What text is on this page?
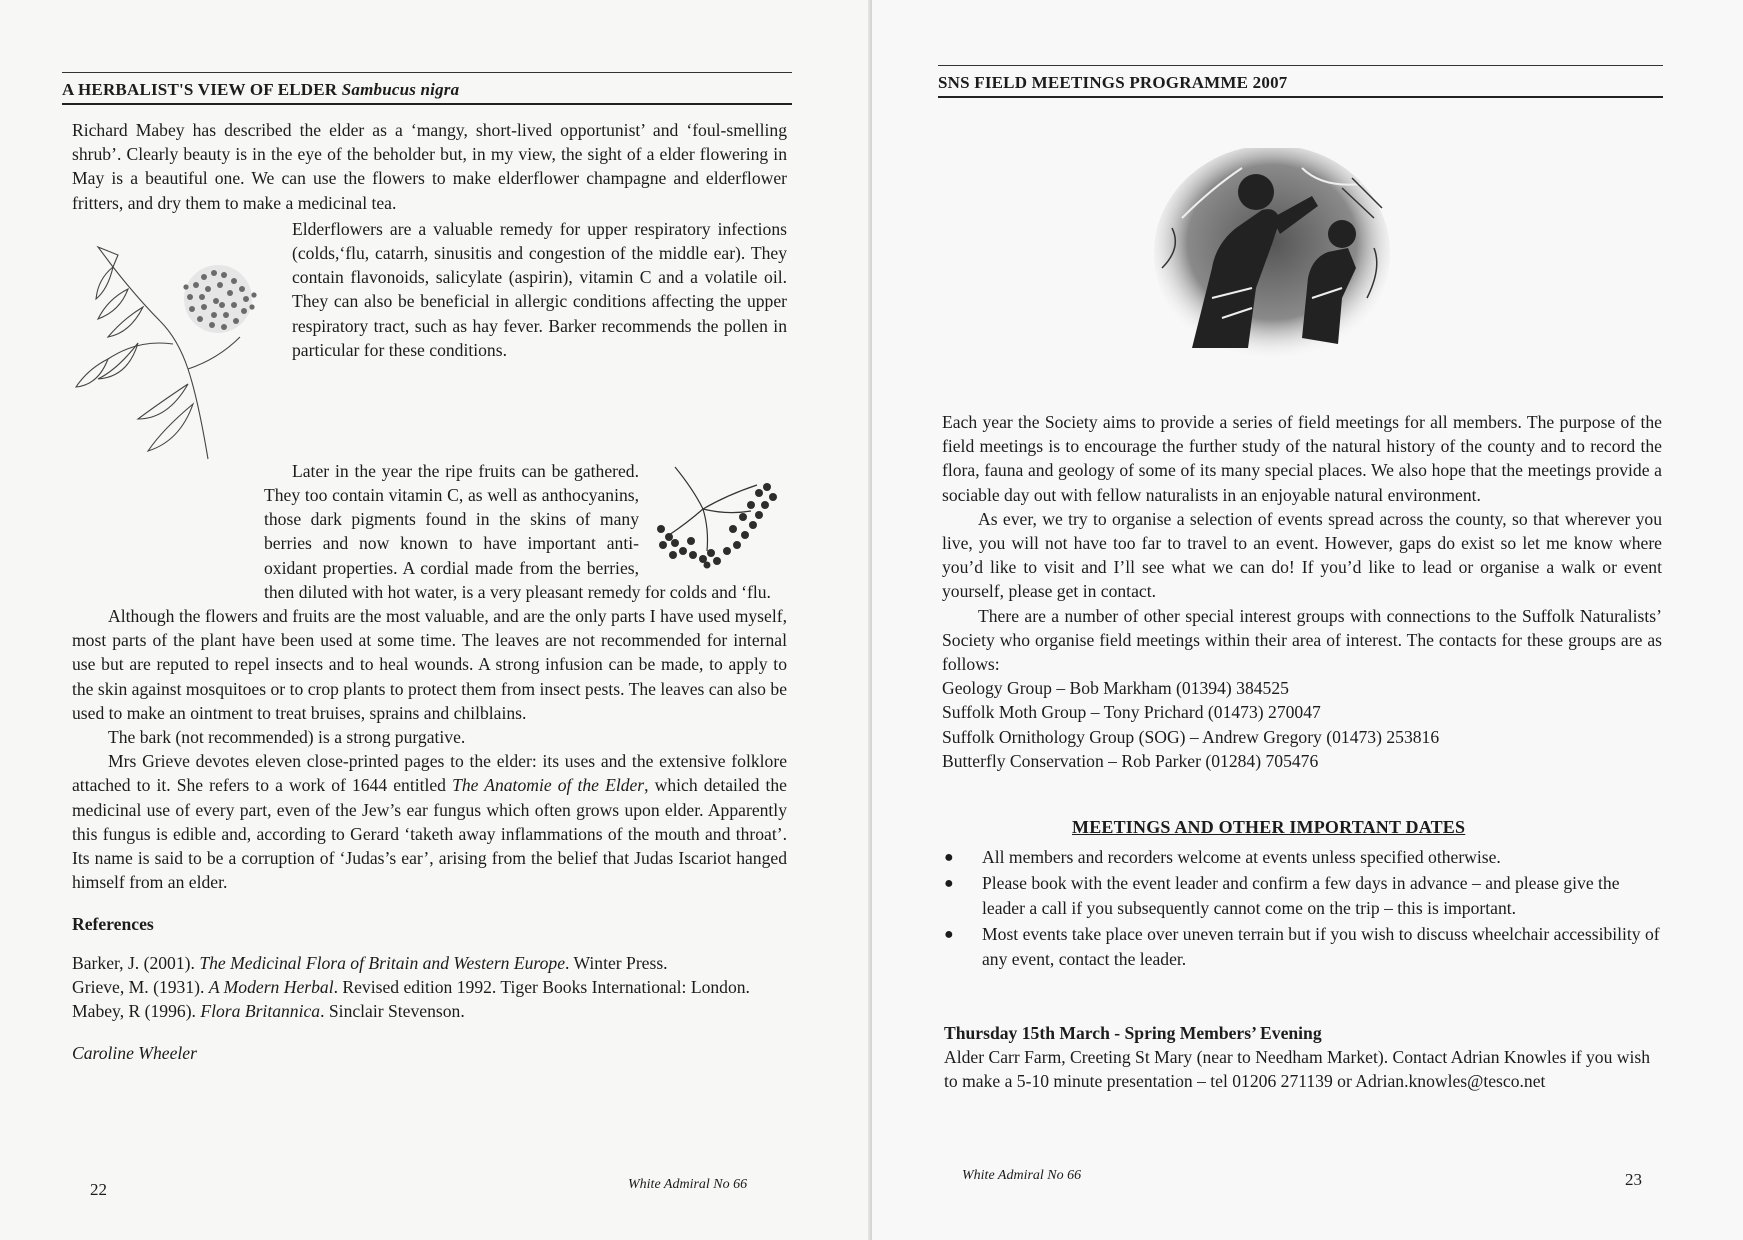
A HERBALIST'S VIEW OF ELDER Sambucus nigra

Richard Mabey has described the elder as a ‘mangy, short-lived opportunist’ and ‘foul-smelling shrub’. Clearly beauty is in the eye of the beholder but, in my view, the sight of a elder flowering in May is a beautiful one. We can use the flowers to make elderflower champagne and elderflower fritters, and dry them to make a medicinal tea.

Elderflowers are a valuable remedy for upper respiratory infections (colds,‘flu, catarrh, sinusitis and congestion of the middle ear). They contain flavonoids, salicylate (aspirin), vitamin C and a volatile oil. They can also be beneficial in allergic conditions affecting the upper respiratory tract, such as hay fever. Barker recommends the pollen in particular for these conditions.

Later in the year the ripe fruits can be gathered. They too contain vitamin C, as well as anthocyanins, those dark pigments found in the skins of many berries and now known to have important anti-oxidant properties. A cordial made from the berries, then diluted with hot water, is a very pleasant remedy for colds and ‘flu.

Although the flowers and fruits are the most valuable, and are the only parts I have used myself, most parts of the plant have been used at some time. The leaves are not recommended for internal use but are reputed to repel insects and to heal wounds. A strong infusion can be made, to apply to the skin against mosquitoes or to crop plants to protect them from insect pests. The leaves can also be used to make an ointment to treat bruises, sprains and chilblains.

The bark (not recommended) is a strong purgative.

Mrs Grieve devotes eleven close-printed pages to the elder: its uses and the extensive folklore attached to it. She refers to a work of 1644 entitled The Anatomie of the Elder, which detailed the medicinal use of every part, even of the Jew’s ear fungus which often grows upon elder. Apparently this fungus is edible and, according to Gerard ‘taketh away inflammations of the mouth and throat’. Its name is said to be a corruption of ‘Judas’s ear’, arising from the belief that Judas Iscariot hanged himself from an elder.

References

Barker, J. (2001). The Medicinal Flora of Britain and Western Europe. Winter Press.

Grieve, M. (1931). A Modern Herbal. Revised edition 1992. Tiger Books International: London.

Mabey, R (1996). Flora Britannica. Sinclair Stevenson.

Caroline Wheeler

22	White Admiral No 66
SNS FIELD MEETINGS PROGRAMME 2007

Each year the Society aims to provide a series of field meetings for all members. The purpose of the field meetings is to encourage the further study of the natural history of the county and to record the flora, fauna and geology of some of its many special places. We also hope that the meetings provide a sociable day out with fellow naturalists in an enjoyable natural environment.

As ever, we try to organise a selection of events spread across the county, so that wherever you live, you will not have too far to travel to an event. However, gaps do exist so let me know where you’d like to visit and I’ll see what we can do! If you’d like to lead or organise a walk or event yourself, please get in contact.

There are a number of other special interest groups with connections to the Suffolk Naturalists’ Society who organise field meetings within their area of interest. The contacts for these groups are as follows:

Geology Group – Bob Markham (01394) 384525

Suffolk Moth Group – Tony Prichard (01473) 270047

Suffolk Ornithology Group (SOG) – Andrew Gregory (01473) 253816

Butterfly Conservation – Rob Parker (01284) 705476

MEETINGS AND OTHER IMPORTANT DATES
● All members and recorders welcome at events unless specified otherwise.
● Please book with the event leader and confirm a few days in advance – and please give the leader a call if you subsequently cannot come on the trip – this is important.
● Most events take place over uneven terrain but if you wish to discuss wheelchair accessibility of any event, contact the leader.
Thursday 15th March - Spring Members’ Evening
Alder Carr Farm, Creeting St Mary (near to Needham Market). Contact Adrian Knowles if you wish to make a 5-10 minute presentation – tel 01206 271139 or Adrian.knowles@tesco.net
23
White Admiral No 66
